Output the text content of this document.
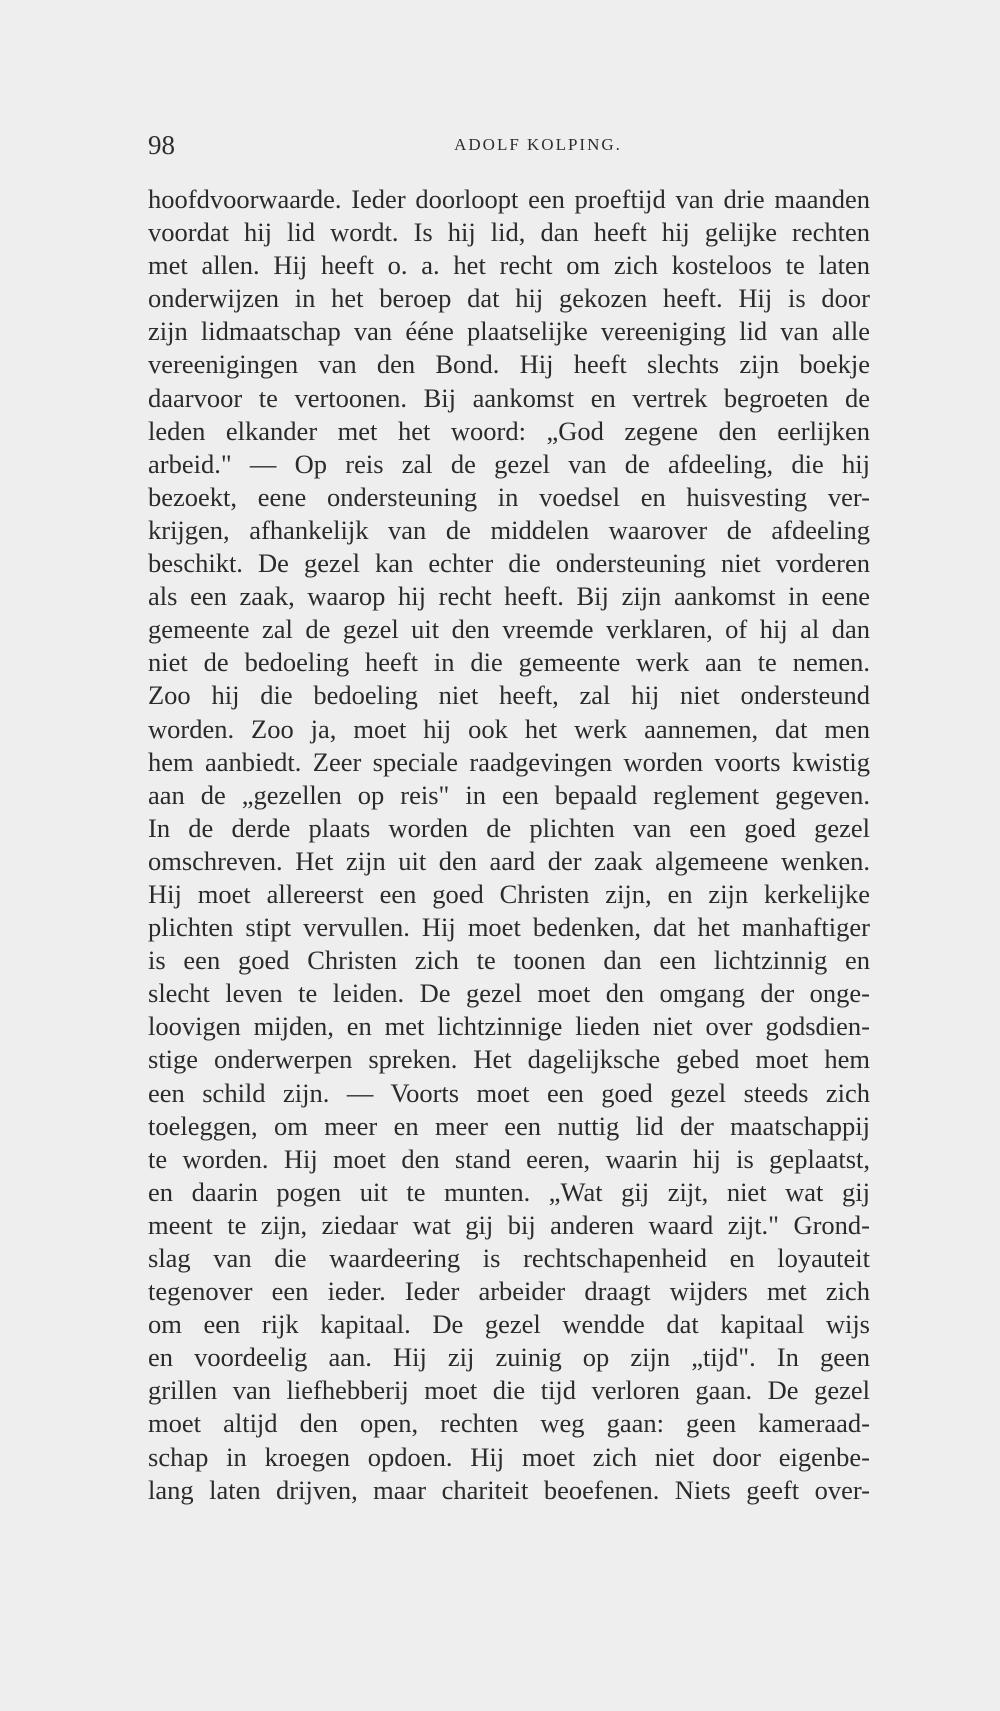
98	ADOLF KOLPING.
hoofdvoorwaarde. Ieder doorloopt een proeftijd van drie maanden
voordat hij lid wordt. Is hij lid, dan heeft hij gelijke rechten
met allen. Hij heeft o. a. het recht om zich kosteloos te laten
onderwijzen in het beroep dat hij gekozen heeft. Hij is door
zijn lidmaatschap van ééne plaatselijke vereeniging lid van alle
vereenigingen van den Bond. Hij heeft slechts zijn boekje
daarvoor te vertoonen. Bij aankomst en vertrek begroeten de
leden elkander met het woord: „God zegene den eerlijken
arbeid." — Op reis zal de gezel van de afdeeling, die hij
bezoekt, eene ondersteuning in voedsel en huisvesting ver-
krijgen, afhankelijk van de middelen waarover de afdeeling
beschikt. De gezel kan echter die ondersteuning niet vorderen
als een zaak, waarop hij recht heeft. Bij zijn aankomst in eene
gemeente zal de gezel uit den vreemde verklaren, of hij al dan
niet de bedoeling heeft in die gemeente werk aan te nemen.
Zoo hij die bedoeling niet heeft, zal hij niet ondersteund
worden. Zoo ja, moet hij ook het werk aannemen, dat men
hem aanbiedt. Zeer speciale raadgevingen worden voorts kwistig
aan de „gezellen op reis" in een bepaald reglement gegeven.
In de derde plaats worden de plichten van een goed gezel
omschreven. Het zijn uit den aard der zaak algemeene wenken.
Hij moet allereerst een goed Christen zijn, en zijn kerkelijke
plichten stipt vervullen. Hij moet bedenken, dat het manhaftiger
is een goed Christen zich te toonen dan een lichtzinnig en
slecht leven te leiden. De gezel moet den omgang der onge-
loovigen mijden, en met lichtzinnige lieden niet over godsdien-
stige onderwerpen spreken. Het dagelijksche gebed moet hem
een schild zijn. — Voorts moet een goed gezel steeds zich
toeleggen, om meer en meer een nuttig lid der maatschappij
te worden. Hij moet den stand eeren, waarin hij is geplaatst,
en daarin pogen uit te munten. „Wat gij zijt, niet wat gij
meent te zijn, ziedaar wat gij bij anderen waard zijt." Grond-
slag van die waardeering is rechtschapenheid en loyauteit
tegenover een ieder. Ieder arbeider draagt wijders met zich
om een rijk kapitaal. De gezel wendde dat kapitaal wijs
en voordeelig aan. Hij zij zuinig op zijn „tijd". In geen
grillen van liefhebberij moet die tijd verloren gaan. De gezel
moet altijd den open, rechten weg gaan: geen kameraad-
schap in kroegen opdoen. Hij moet zich niet door eigenbe-
lang laten drijven, maar chariteit beoefenen. Niets geeft over-
